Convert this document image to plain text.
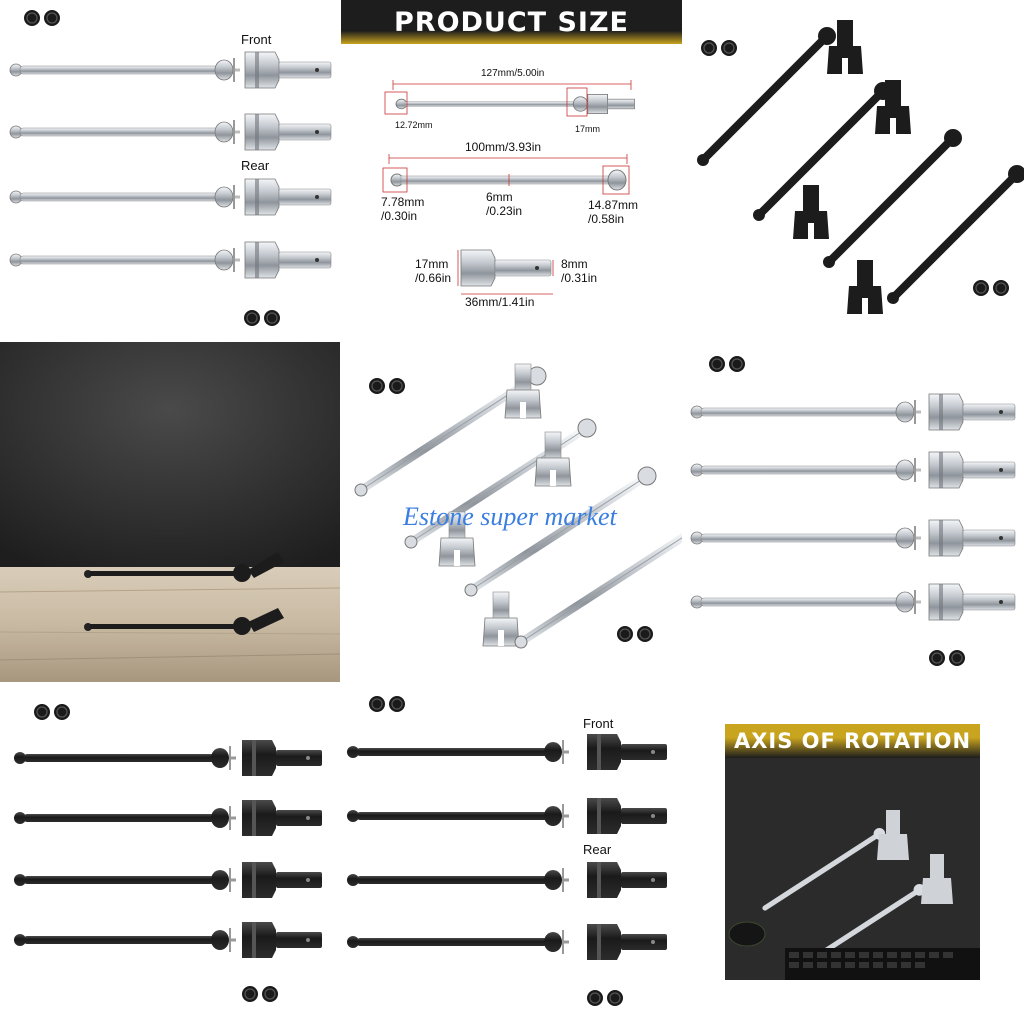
Front
Rear
PRODUCT SIZE
127mm/5.00in
12.72mm	17mm
100mm/3.93in
7.78mm
/0.30in
6mm
/0.23in	14.87mm
/0.58in
17mm
/0.66in
8mm
/0.31in
36mm/1.41in
Estone super market
Front
Rear
AXIS OF ROTATION
